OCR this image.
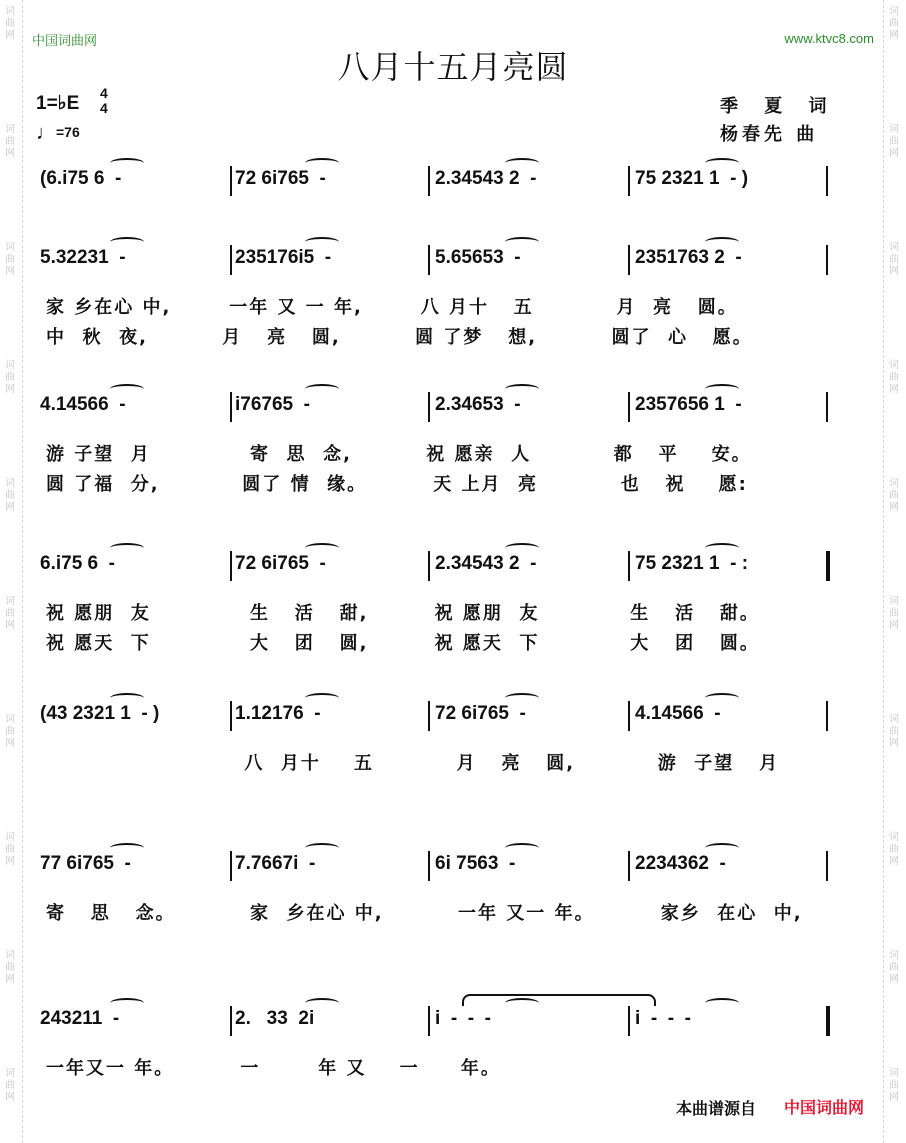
词曲网
词曲网
词曲网
词曲网
词曲网
词曲网
词曲网
词曲网
词曲网
词曲网
词曲网
词曲网
词曲网
词曲网
词曲网
词曲网
词曲网
词曲网
词曲网
词曲网
中国词曲网	www.ktvc8.com
八月十五月亮圆
1=♭E 4
4
♩=76
季 夏 词
杨春先 曲
(6.i75 6  -	72 6i765  -	2.34543 2  -	75 2321 1  - )
5.32231  -	235176i5  -	5.65653  -	2351763 2  -
家 乡在心 中,       一年 又 一 年,       八 月十   五          月  亮   圆。
中  秋  夜,         月   亮   圆,         圆 了梦   想,         圆了  心   愿。
4.14566  -	i76765  -	2.34653  -	2357656 1  -
游 子望  月            寄  思  念,         祝 愿亲  人          都   平    安。
圆 了福  分,          圆了 情  缘。        天 上月  亮          也   祝    愿:
6.i75 6  -	72 6i765  -	2.34543 2  -	75 2321 1  - :
祝 愿朋  友            生   活   甜,        祝 愿朋  友           生   活   甜。
祝 愿天  下            大   团   圆,        祝 愿天  下           大   团   圆。
(43 2321 1  - )	1.12176  -	72 6i765  -	4.14566  -
八  月十    五          月   亮   圆,          游  子望   月
77 6i765  -	7.7667i  -	6i 7563  -	2234362  -
寄   思   念。         家  乡在心 中,         一年 又一 年。        家乡  在心  中,
243211  -	2.   33  2i	i  -  -  -	i  -  -  -
一年又一 年。        一       年 又    一     年。
本曲谱源自 中国词曲网
